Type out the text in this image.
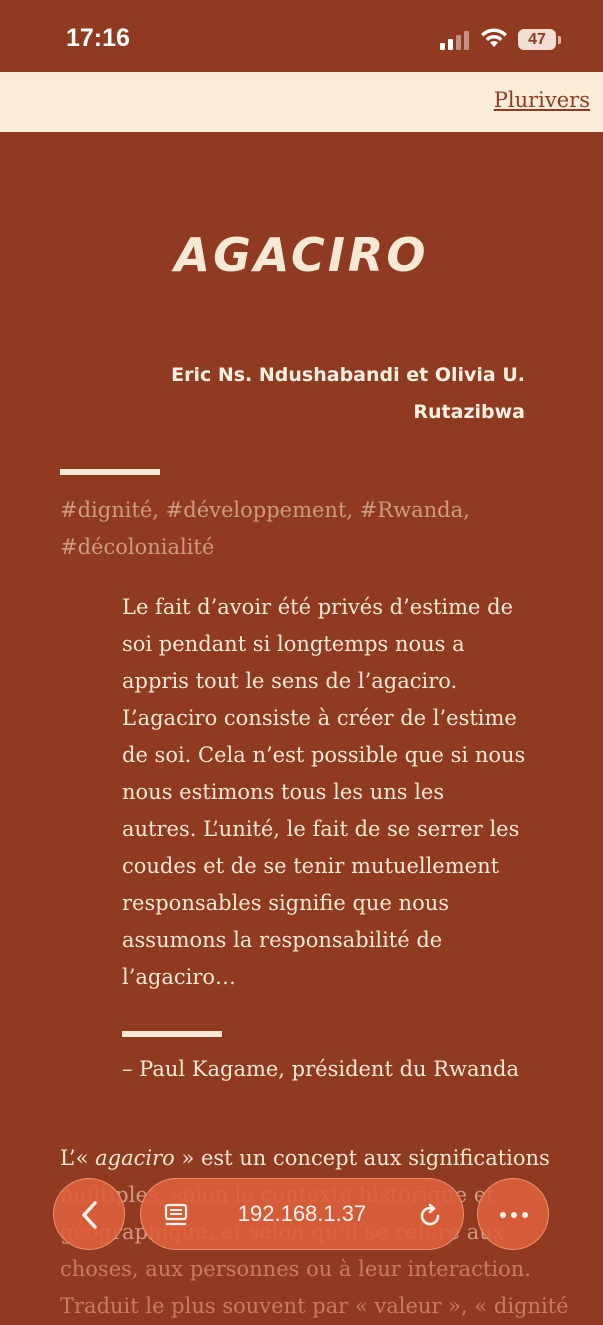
17:16	47
Plurivers
AGACIRO
Eric Ns. Ndushabandi et Olivia U.
Rutazibwa
#dignité, #développement, #Rwanda,
#décolonialité
Le fait d’avoir été privés d’estime de
soi pendant si longtemps nous a
appris tout le sens de l’agaciro.
L’agaciro consiste à créer de l’estime
de soi. Cela n’est possible que si nous
nous estimons tous les uns les
autres. L’unité, le fait de se serrer les
coudes et de se tenir mutuellement
responsables signifie que nous
assumons la responsabilité de
l’agaciro…
– Paul Kagame, président du Rwanda
L’« agaciro » est un concept aux significations
géographique,
choses, aux personnes ou à leur interaction.
Traduit le plus souvent par « valeur », « dignité
192.168.1.37
